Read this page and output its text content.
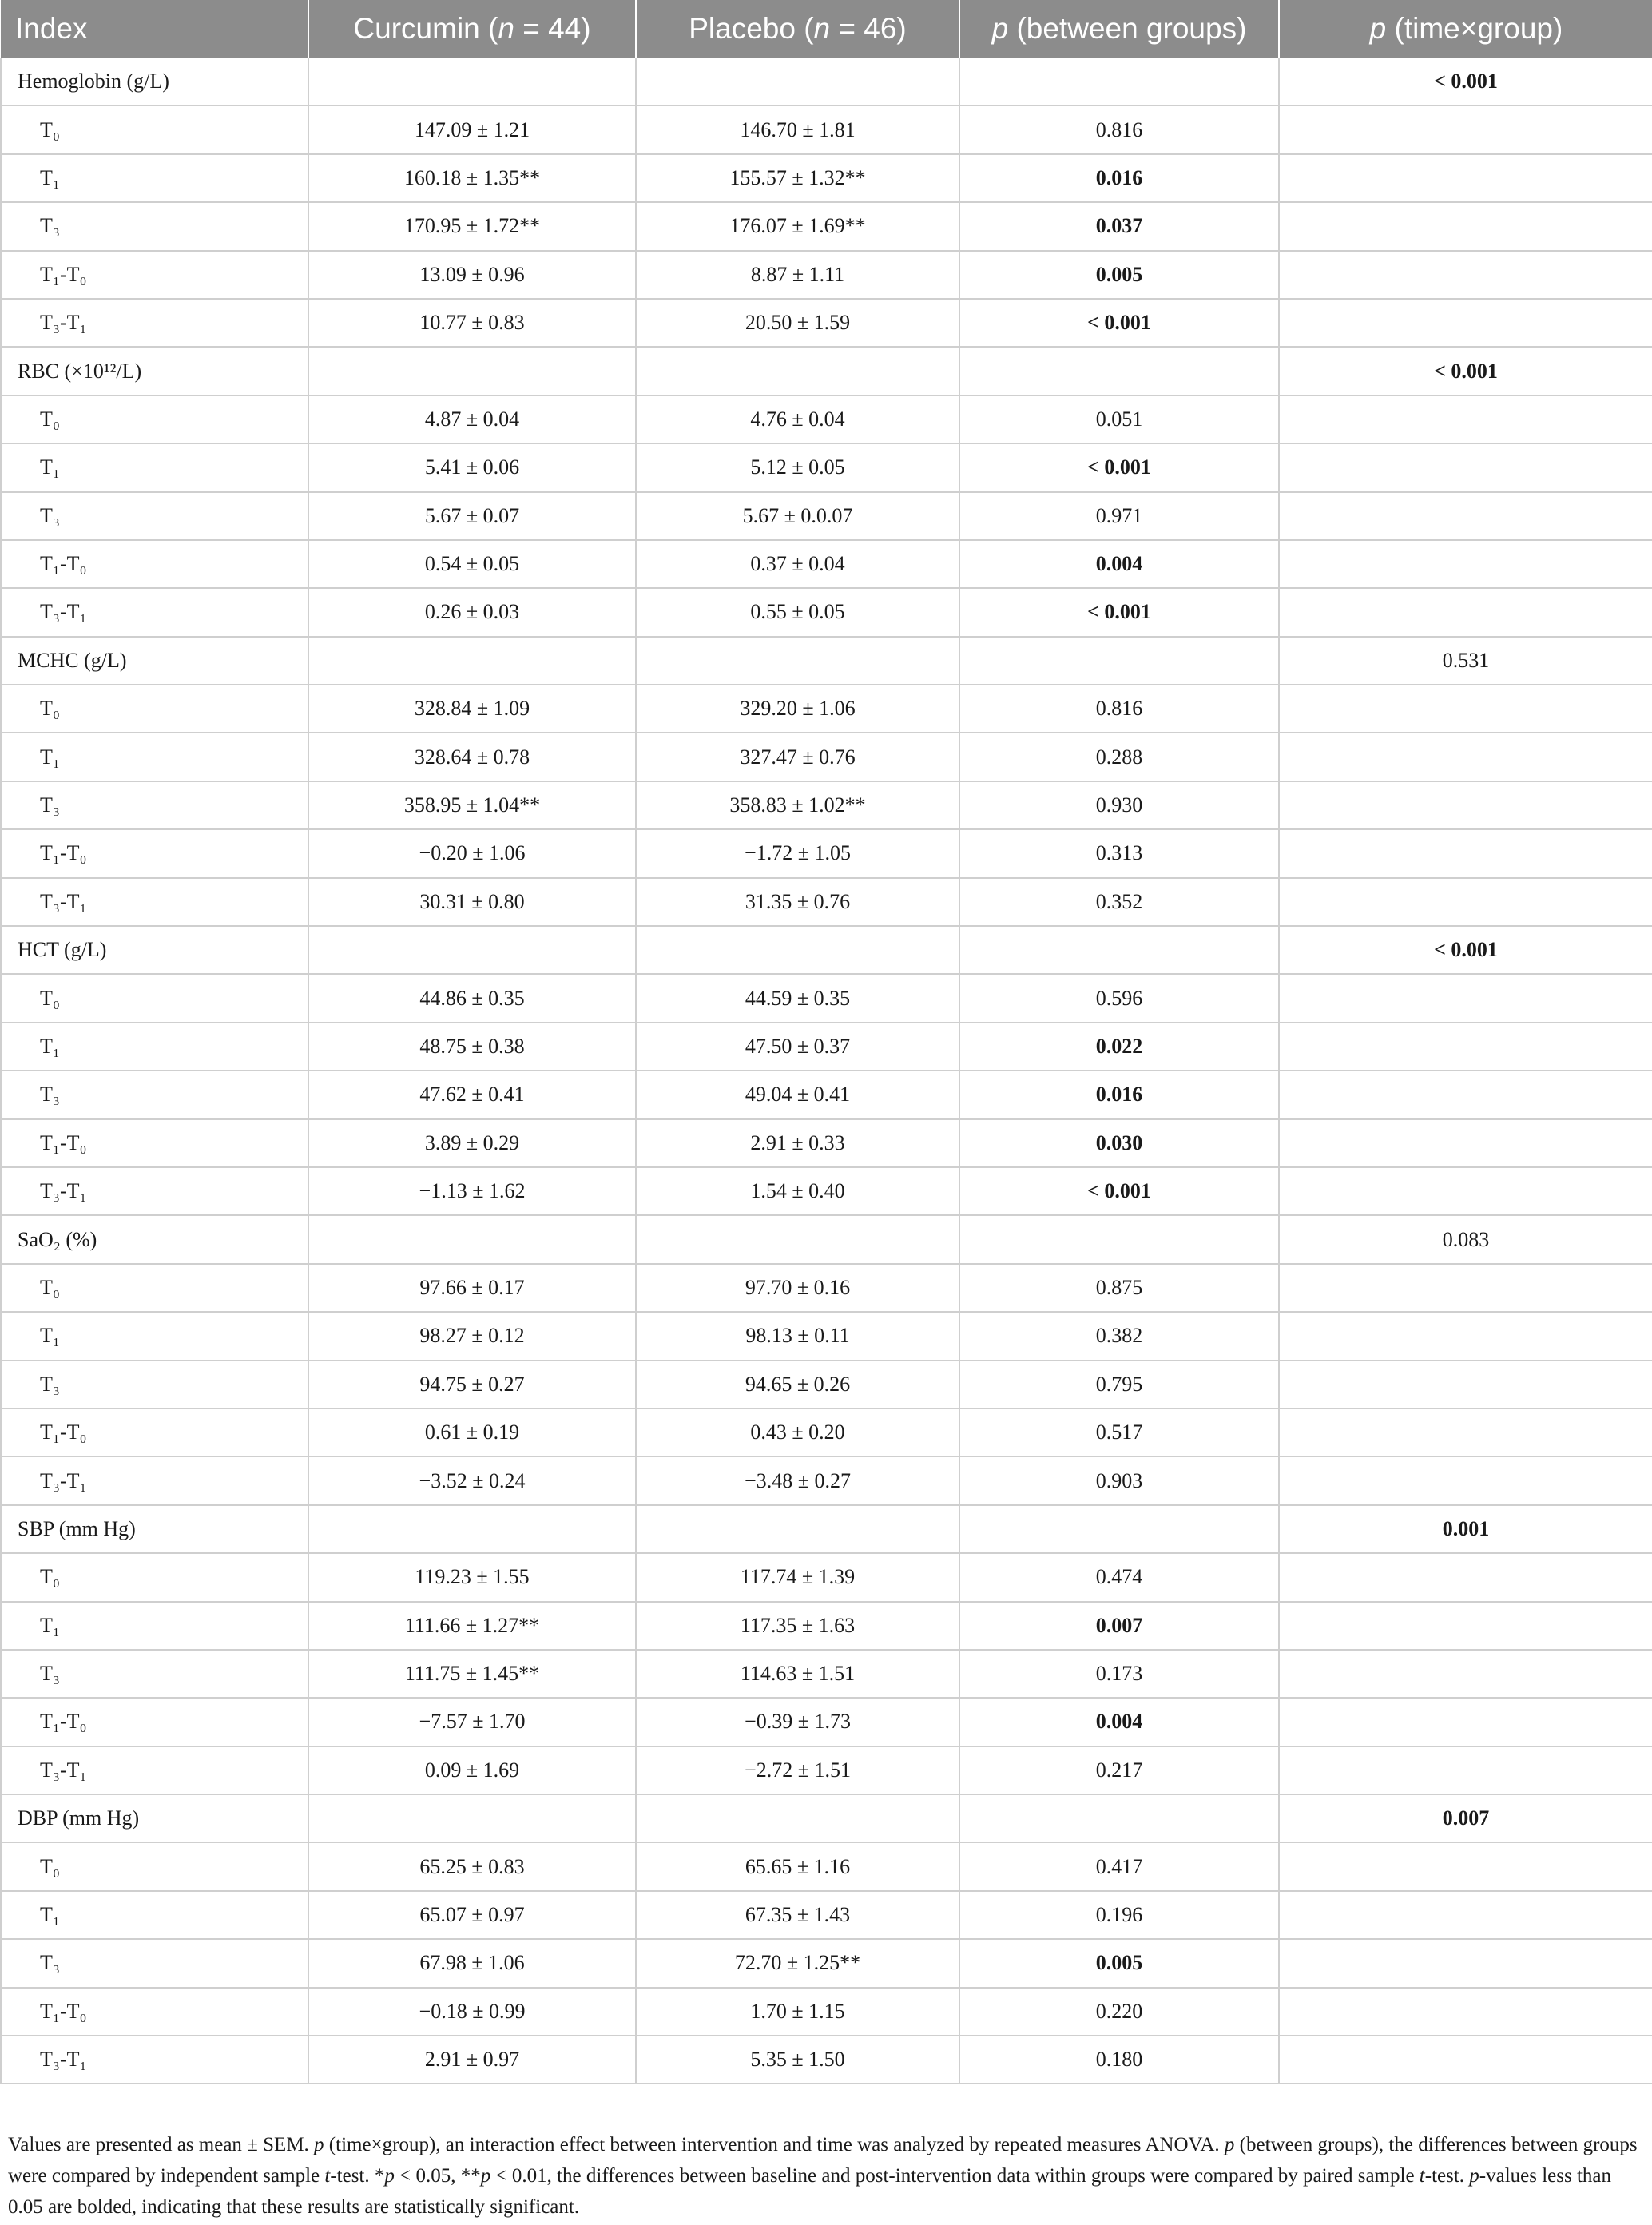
Index	Curcumin (n = 44)	Placebo (n = 46)	p (between groups)	p (time×group)
Hemoglobin (g/L)				< 0.001
T₀	147.09 ± 1.21	146.70 ± 1.81	0.816	
T₁	160.18 ± 1.35**	155.57 ± 1.32**	0.016	
T₃	170.95 ± 1.72**	176.07 ± 1.69**	0.037	
T₁-T₀	13.09 ± 0.96	8.87 ± 1.11	0.005	
T₃-T₁	10.77 ± 0.83	20.50 ± 1.59	< 0.001	
RBC (×10¹²/L)				< 0.001
T₀	4.87 ± 0.04	4.76 ± 0.04	0.051	
T₁	5.41 ± 0.06	5.12 ± 0.05	< 0.001	
T₃	5.67 ± 0.07	5.67 ± 0.0.07	0.971	
T₁-T₀	0.54 ± 0.05	0.37 ± 0.04	0.004	
T₃-T₁	0.26 ± 0.03	0.55 ± 0.05	< 0.001	
MCHC (g/L)				0.531
T₀	328.84 ± 1.09	329.20 ± 1.06	0.816	
T₁	328.64 ± 0.78	327.47 ± 0.76	0.288	
T₃	358.95 ± 1.04**	358.83 ± 1.02**	0.930	
T₁-T₀	−0.20 ± 1.06	−1.72 ± 1.05	0.313	
T₃-T₁	30.31 ± 0.80	31.35 ± 0.76	0.352	
HCT (g/L)				< 0.001
T₀	44.86 ± 0.35	44.59 ± 0.35	0.596	
T₁	48.75 ± 0.38	47.50 ± 0.37	0.022	
T₃	47.62 ± 0.41	49.04 ± 0.41	0.016	
T₁-T₀	3.89 ± 0.29	2.91 ± 0.33	0.030	
T₃-T₁	−1.13 ± 1.62	1.54 ± 0.40	< 0.001	
SaO₂ (%)				0.083
T₀	97.66 ± 0.17	97.70 ± 0.16	0.875	
T₁	98.27 ± 0.12	98.13 ± 0.11	0.382	
T₃	94.75 ± 0.27	94.65 ± 0.26	0.795	
T₁-T₀	0.61 ± 0.19	0.43 ± 0.20	0.517	
T₃-T₁	−3.52 ± 0.24	−3.48 ± 0.27	0.903	
SBP (mm Hg)				0.001
T₀	119.23 ± 1.55	117.74 ± 1.39	0.474	
T₁	111.66 ± 1.27**	117.35 ± 1.63	0.007	
T₃	111.75 ± 1.45**	114.63 ± 1.51	0.173	
T₁-T₀	−7.57 ± 1.70	−0.39 ± 1.73	0.004	
T₃-T₁	0.09 ± 1.69	−2.72 ± 1.51	0.217	
DBP (mm Hg)				0.007
T₀	65.25 ± 0.83	65.65 ± 1.16	0.417	
T₁	65.07 ± 0.97	67.35 ± 1.43	0.196	
T₃	67.98 ± 1.06	72.70 ± 1.25**	0.005	
T₁-T₀	−0.18 ± 0.99	1.70 ± 1.15	0.220	
T₃-T₁	2.91 ± 0.97	5.35 ± 1.50	0.180	
Values are presented as mean ± SEM. p (time×group), an interaction effect between intervention and time was analyzed by repeated measures ANOVA. p (between groups), the differences between groups were compared by independent sample t-test. *p < 0.05, **p < 0.01, the differences between baseline and post-intervention data within groups were compared by paired sample t-test. p-values less than 0.05 are bolded, indicating that these results are statistically significant.
